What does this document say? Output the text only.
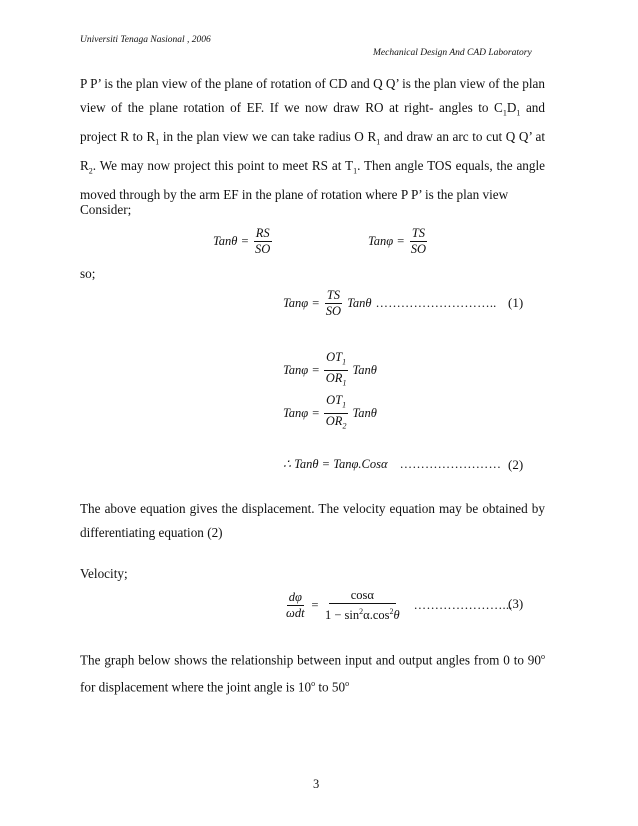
Universiti Tenaga Nasional , 2006
Mechanical Design And CAD Laboratory

P P’ is the plan view of the plane of rotation of CD and Q Q’ is the plan view of the plan view of the plane rotation of EF. If we now draw RO at right- angles to $C_1D_1$ and project R to $R_1$ in the plan view we can take radius O $R_1$ and draw an arc to cut Q Q’ at $R_2$. We may now project this point to meet RS at $T_1$. Then angle TOS equals, the angle moved through by the arm EF in the plane of rotation where P P’ is the plan view

Consider;
$Tan\theta = \frac{RS}{SO}$	$Tan\varphi = \frac{TS}{SO}$
so;
$Tan\varphi = \frac{TS}{SO}$ Tanθ ……………………….. (1)
$Tan\varphi = \frac{OT_1}{OR_1}$ Tanθ
$Tan\varphi = \frac{OT_1}{OR_2}$ Tanθ
∴ Tanθ = Tanφ.Cosα …………………… (2)

The above equation gives the displacement. The velocity equation may be obtained by differentiating equation (2)

Velocity;
$\frac{d\varphi}{\text{ωdt}} = \frac{\cos\alpha}{1 - \sin^2\alpha.\cos^2\theta}$ …………………...
(3)

The graph below shows the relationship between input and output angles from 0 to 90$^o$ for displacement where the joint angle is 10$^o$ to 50$^o$

3
